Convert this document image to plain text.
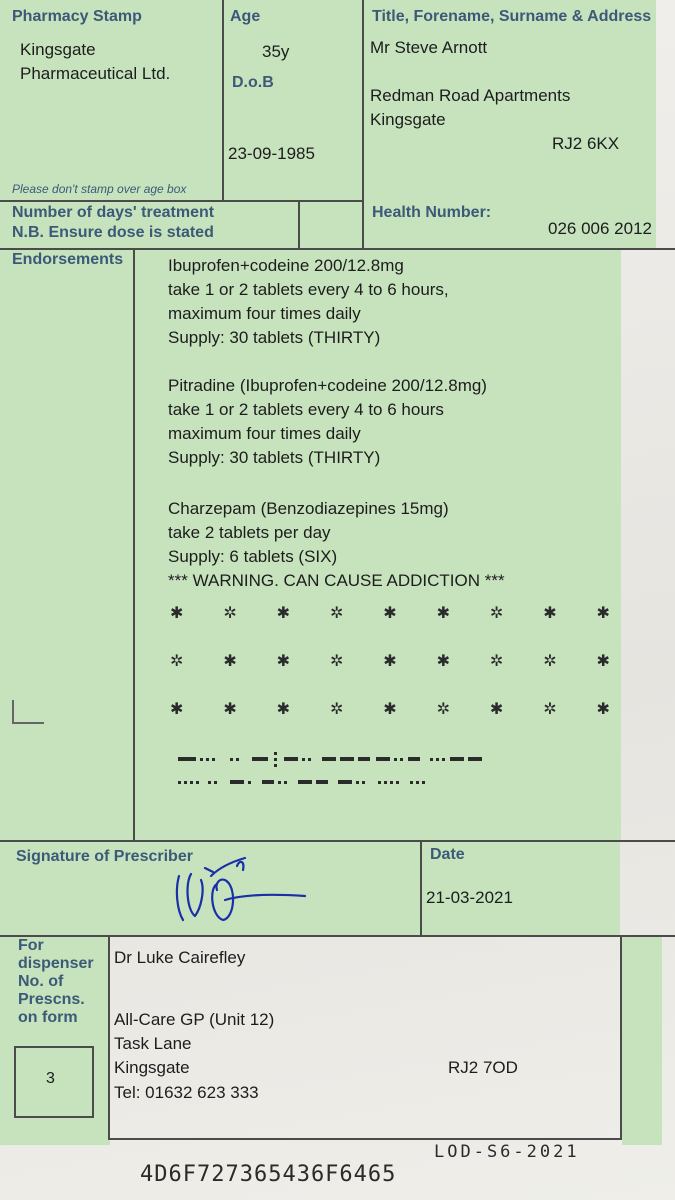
Pharmacy Stamp
Kingsgate
Pharmaceutical Ltd.
Please don't stamp over age box
Age
35y
D.o.B
23-09-1985
Title, Forename, Surname & Address
Mr Steve Arnott
Redman Road Apartments
Kingsgate
RJ2 6KX
Number of days' treatment
N.B. Ensure dose is stated
Health Number:
026 006 2012
Endorsements	Ibuprofen+codeine 200/12.8mg
take 1 or 2 tablets every 4 to 6 hours,
maximum four times daily
Supply: 30 tablets (THIRTY)
Pitradine (Ibuprofen+codeine 200/12.8mg)
take 1 or 2 tablets every 4 to 6 hours
maximum four times daily
Supply: 30 tablets (THIRTY)
Charzepam (Benzodiazepines 15mg)
take 2 tablets per day
Supply: 6 tablets (SIX)
*** WARNING. CAN CAUSE ADDICTION ***
✱ ✲ ✱ ✲ ✱ ✱ ✲ ✱ ✱
✲ ✱ ✱ ✲ ✱ ✱ ✲ ✲ ✱
✱ ✱ ✱ ✲ ✱ ✲ ✱ ✲ ✱
Signature of Prescriber	Date
21-03-2021
For
dispenser
No. of
Prescns.
on form
3
Dr Luke Cairefley
All-Care GP (Unit 12)
Task Lane
Kingsgate	RJ2 7OD
Tel: 01632 623 333
LOD-S6-2021
4D6F727365436F6465
